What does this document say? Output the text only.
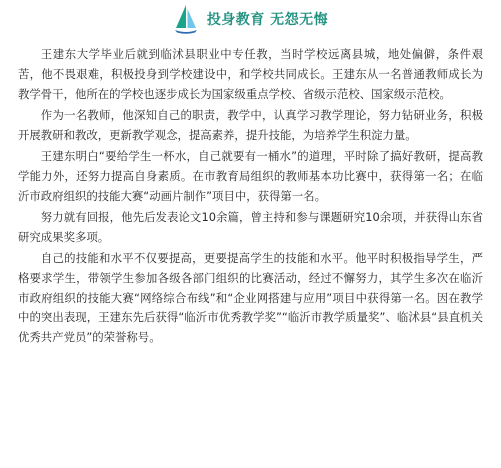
投身教育 无怨无悔

王建东大学毕业后就到临沭县职业中专任教，当时学校远离县城，地处偏僻，条件艰苦，他不畏艰难，积极投身到学校建设中，和学校共同成长。王建东从一名普通教师成长为教学骨干，他所在的学校也逐步成长为国家级重点学校、省级示范校、国家级示范校。

作为一名教师，他深知自己的职责，教学中，认真学习教学理论，努力钻研业务，积极开展教研和教改，更新教学观念，提高素养，提升技能，为培养学生积淀力量。

王建东明白“要给学生一杯水，自己就要有一桶水”的道理，平时除了搞好教研，提高教学能力外，还努力提高自身素质。在市教育局组织的教师基本功比赛中，获得第一名；在临沂市政府组织的技能大赛“动画片制作”项目中，获得第一名。

努力就有回报，他先后发表论文10余篇，曾主持和参与课题研究10余项，并获得山东省研究成果奖多项。

自己的技能和水平不仅要提高，更要提高学生的技能和水平。他平时积极指导学生，严格要求学生，带领学生参加各级各部门组织的比赛活动，经过不懈努力，其学生多次在临沂市政府组织的技能大赛“网络综合布线”和“企业网搭建与应用”项目中获得第一名。因在教学中的突出表现，王建东先后获得“临沂市优秀教学奖”“临沂市教学质量奖”、临沭县“县直机关优秀共产党员”的荣誉称号。
